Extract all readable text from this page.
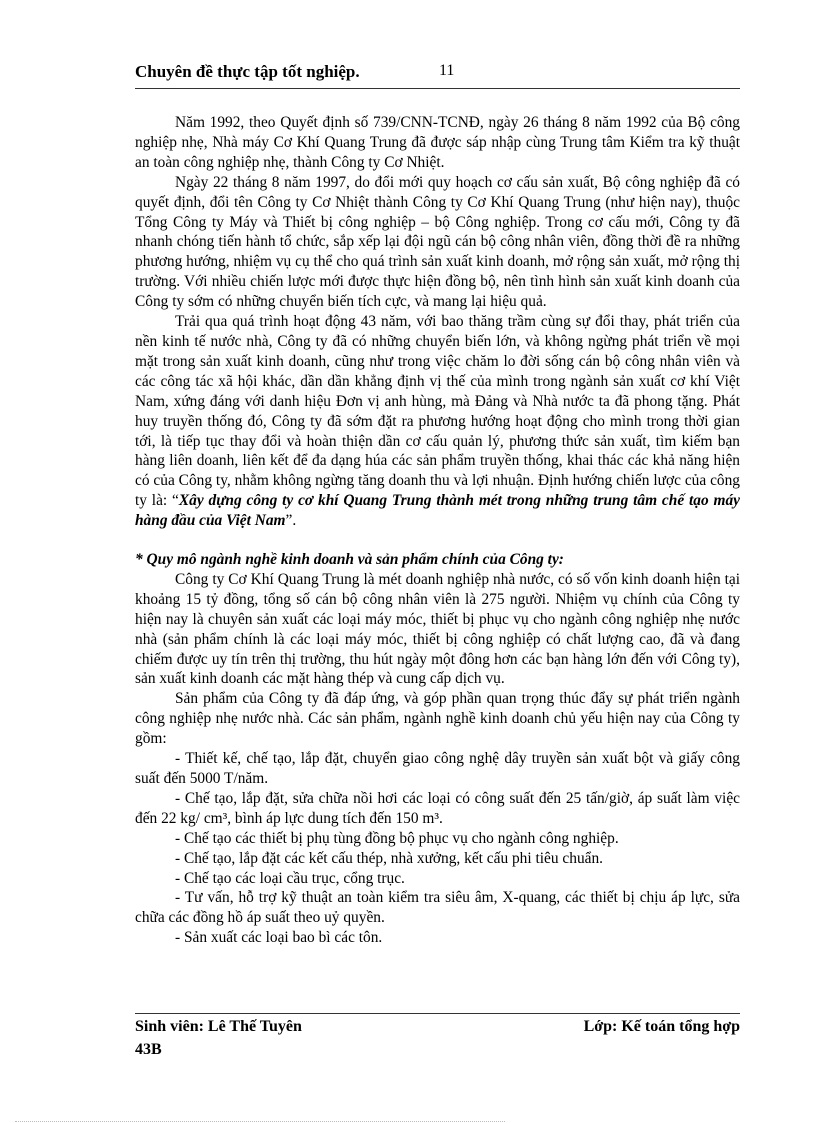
Chuyên đề thực tập tốt nghiệp.	11

Năm 1992, theo Quyết định số 739/CNN-TCNĐ, ngày 26 tháng 8 năm 1992 của Bộ công nghiệp nhẹ, Nhà máy Cơ Khí Quang Trung đã được sáp nhập cùng Trung tâm Kiểm tra kỹ thuật an toàn công nghiệp nhẹ, thành Công ty Cơ Nhiệt.

Ngày 22 tháng 8 năm 1997, do đổi mới quy hoạch cơ cấu sản xuất, Bộ công nghiệp đã có quyết định, đổi tên Công ty Cơ Nhiệt thành Công ty Cơ Khí Quang Trung (như hiện nay), thuộc Tổng Công ty Máy và Thiết bị công nghiệp – bộ Công nghiệp. Trong cơ cấu mới, Công ty đã nhanh chóng tiến hành tổ chức, sắp xếp lại đội ngũ cán bộ công nhân viên, đồng thời đề ra những phương hướng, nhiệm vụ cụ thể cho quá trình sản xuất kinh doanh, mở rộng sản xuất, mở rộng thị trường. Với nhiều chiến lược mới được thực hiện đồng bộ, nên tình hình sản xuất kinh doanh của Công ty sớm có những chuyển biến tích cực, và mang lại hiệu quả.

Trải qua quá trình hoạt động 43 năm, với bao thăng trầm cùng sự đổi thay, phát triển của nền kinh tế nước nhà, Công ty đã có những chuyển biến lớn, và không ngừng phát triển về mọi mặt trong sản xuất kinh doanh, cũng như trong việc chăm lo đời sống cán bộ công nhân viên và các công tác xã hội khác, dần dần khẳng định vị thế của mình trong ngành sản xuất cơ khí Việt Nam, xứng đáng với danh hiệu Đơn vị anh hùng, mà Đảng và Nhà nước ta đã phong tặng. Phát huy truyền thống đó, Công ty đã sớm đặt ra phương hướng hoạt động cho mình trong thời gian tới, là tiếp tục thay đổi và hoàn thiện dần cơ cấu quản lý, phương thức sản xuất, tìm kiếm bạn hàng liên doanh, liên kết để đa dạng húa các sản phẩm truyền thống, khai thác các khả năng hiện có của Công ty, nhằm không ngừng tăng doanh thu và lợi nhuận. Định hướng chiến lược của công ty là: “Xây dựng công ty cơ khí Quang Trung thành mét trong những trung tâm chế tạo máy hàng đầu của Việt Nam”.

* Quy mô ngành nghề kinh doanh và sản phẩm chính của Công ty:

Công ty Cơ Khí Quang Trung là mét doanh nghiệp nhà nước, có số vốn kinh doanh hiện tại khoảng 15 tỷ đồng, tổng số cán bộ công nhân viên là 275 người. Nhiệm vụ chính của Công ty hiện nay là chuyên sản xuất các loại máy móc, thiết bị phục vụ cho ngành công nghiệp nhẹ nước nhà (sản phẩm chính là các loại máy móc, thiết bị công nghiệp có chất lượng cao, đã và đang chiếm được uy tín trên thị trường, thu hút ngày một đông hơn các bạn hàng lớn đến với Công ty), sản xuất kinh doanh các mặt hàng thép và cung cấp dịch vụ.

Sản phẩm của Công ty đã đáp ứng, và góp phần quan trọng thúc đẩy sự phát triển ngành công nghiệp nhẹ nước nhà. Các sản phẩm, ngành nghề kinh doanh chủ yếu hiện nay của Công ty gồm:

- Thiết kế, chế tạo, lắp đặt, chuyển giao công nghệ dây truyền sản xuất bột và giấy công suất đến 5000 T/năm.

- Chế tạo, lắp đặt, sửa chữa nồi hơi các loại có công suất đến 25 tấn/giờ, áp suất làm việc đến 22 kg/ cm³, bình áp lực dung tích đến 150 m³.

- Chế tạo các thiết bị phụ tùng đồng bộ phục vụ cho ngành công nghiệp.

- Chế tạo, lắp đặt các kết cấu thép, nhà xưởng, kết cấu phi tiêu chuẩn.

- Chế tạo các loại cầu trục, cổng trục.

- Tư vấn, hỗ trợ kỹ thuật an toàn kiểm tra siêu âm, X-quang, các thiết bị chịu áp lực, sửa chữa các đồng hồ áp suất theo uỷ quyền.

- Sản xuất các loại bao bì các tôn.

Sinh viên: Lê Thế Tuyên	Lớp: Kế toán tổng hợp
43B
